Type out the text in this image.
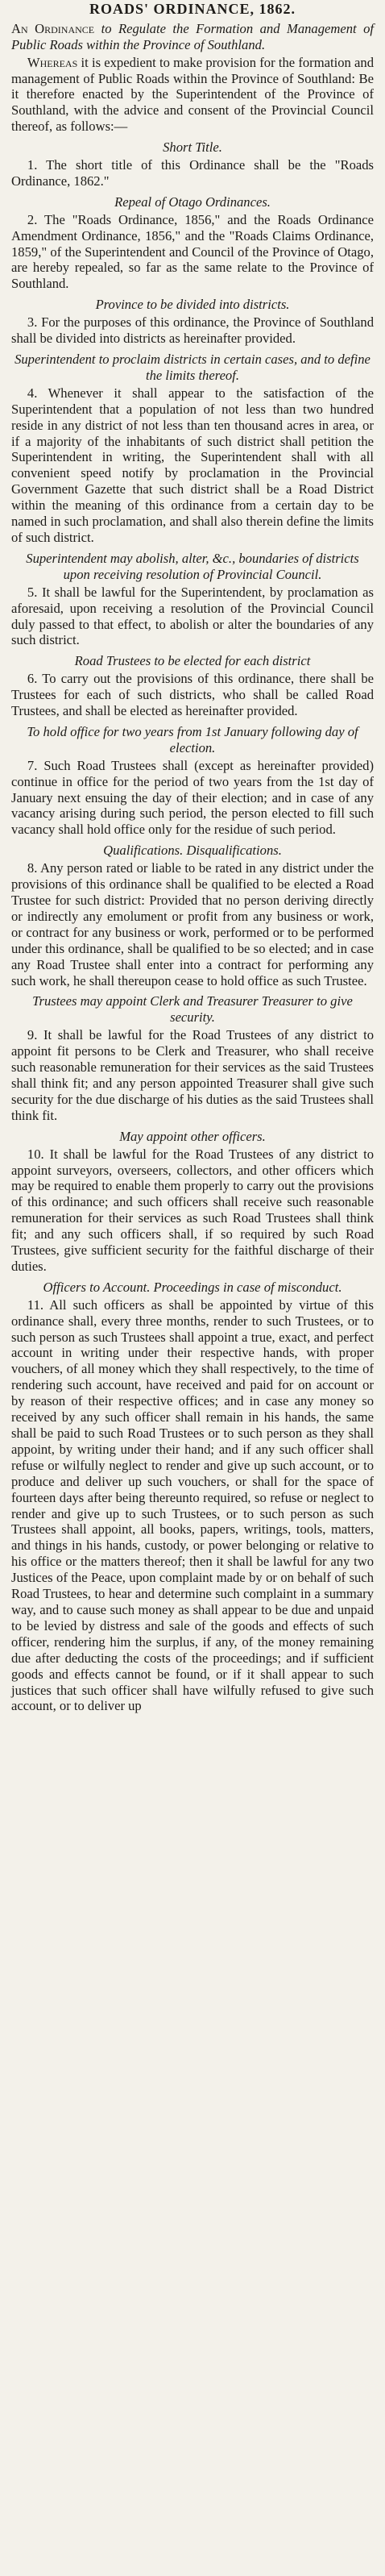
ROADS' ORDINANCE, 1862.

An Ordinance to Regulate the Formation and Management of Public Roads within the Province of Southland.

Whereas it is expedient to make provision for the formation and management of Public Roads within the Province of Southland: Be it therefore enacted by the Superintendent of the Province of Southland, with the advice and consent of the Provincial Council thereof, as follows:—

Short Title.

1. The short title of this Ordinance shall be the "Roads Ordinance, 1862."

Repeal of Otago Ordinances.

2. The "Roads Ordinance, 1856," and the Roads Ordinance Amendment Ordinance, 1856," and the "Roads Claims Ordinance, 1859," of the Superintendent and Council of the Province of Otago, are hereby repealed, so far as the same relate to the Province of Southland.

Province to be divided into districts.

3. For the purposes of this ordinance, the Province of Southland shall be divided into districts as hereinafter provided.

Superintendent to proclaim districts in certain cases, and to define the limits thereof.

4. Whenever it shall appear to the satisfaction of the Superintendent that a population of not less than two hundred reside in any district of not less than ten thousand acres in area, or if a majority of the inhabitants of such district shall petition the Superintendent in writing, the Superintendent shall with all convenient speed notify by proclamation in the Provincial Government Gazette that such district shall be a Road District within the meaning of this ordinance from a certain day to be named in such proclamation, and shall also therein define the limits of such district.

Superintendent may abolish, alter, &c., boundaries of districts upon receiving resolution of Provincial Council.

5. It shall be lawful for the Superintendent, by proclamation as aforesaid, upon receiving a resolution of the Provincial Council duly passed to that effect, to abolish or alter the boundaries of any such district.

Road Trustees to be elected for each district

6. To carry out the provisions of this ordinance, there shall be Trustees for each of such districts, who shall be called Road Trustees, and shall be elected as hereinafter provided.

To hold office for two years from 1st January following day of election.

7. Such Road Trustees shall (except as hereinafter provided) continue in office for the period of two years from the 1st day of January next ensuing the day of their election; and in case of any vacancy arising during such period, the person elected to fill such vacancy shall hold office only for the residue of such period.

Qualifications. Disqualifications.

8. Any person rated or liable to be rated in any district under the provisions of this ordinance shall be qualified to be elected a Road Trustee for such district: Provided that no person deriving directly or indirectly any emolument or profit from any business or work, or contract for any business or work, performed or to be performed under this ordinance, shall be qualified to be so elected; and in case any Road Trustee shall enter into a contract for performing any such work, he shall thereupon cease to hold office as such Trustee.

Trustees may appoint Clerk and Treasurer Treasurer to give security.

9. It shall be lawful for the Road Trustees of any district to appoint fit persons to be Clerk and Treasurer, who shall receive such reasonable remuneration for their services as the said Trustees shall think fit; and any person appointed Treasurer shall give such security for the due discharge of his duties as the said Trustees shall think fit.

May appoint other officers.

10. It shall be lawful for the Road Trustees of any district to appoint surveyors, overseers, collectors, and other officers which may be required to enable them properly to carry out the provisions of this ordinance; and such officers shall receive such reasonable remuneration for their services as such Road Trustees shall think fit; and any such officers shall, if so required by such Road Trustees, give sufficient security for the faithful discharge of their duties.

Officers to Account. Proceedings in case of misconduct.

11. All such officers as shall be appointed by virtue of this ordinance shall, every three months, render to such Trustees, or to such person as such Trustees shall appoint a true, exact, and perfect account in writing under their respective hands, with proper vouchers, of all money which they shall respectively, to the time of rendering such account, have received and paid for on account or by reason of their respective offices; and in case any money so received by any such officer shall remain in his hands, the same shall be paid to such Road Trustees or to such person as they shall appoint, by writing under their hand; and if any such officer shall refuse or wilfully neglect to render and give up such account, or to produce and deliver up such vouchers, or shall for the space of fourteen days after being thereunto required, so refuse or neglect to render and give up to such Trustees, or to such person as such Trustees shall appoint, all books, papers, writings, tools, matters, and things in his hands, custody, or power belonging or relative to his office or the matters thereof; then it shall be lawful for any two Justices of the Peace, upon complaint made by or on behalf of such Road Trustees, to hear and determine such complaint in a summary way, and to cause such money as shall appear to be due and unpaid to be levied by distress and sale of the goods and effects of such officer, rendering him the surplus, if any, of the money remaining due after deducting the costs of the proceedings; and if sufficient goods and effects cannot be found, or if it shall appear to such justices that such officer shall have wilfully refused to give such account, or to deliver up
